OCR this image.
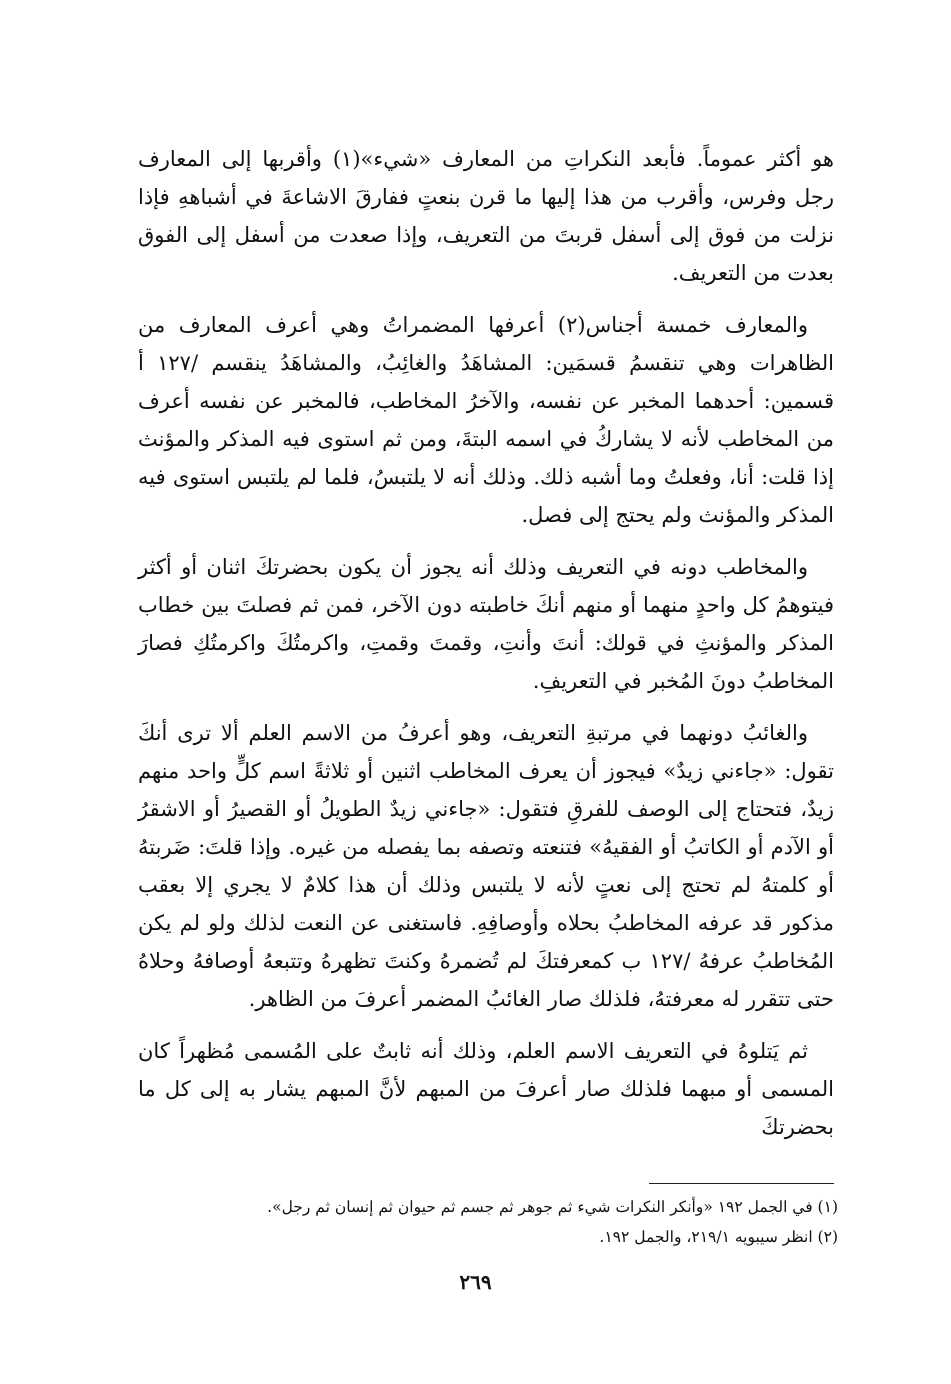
هو أكثر عموماً. فأبعد النكراتِ من المعارف «شيء»(١) وأقربها إلى المعارف رجل وفرس، وأقرب من هذا إليها ما قرن بنعتٍ ففارقَ الاشاعةَ في أشباههِ فإذا نزلت من فوق إلى أسفل قربتَ من التعريف، وإذا صعدت من أسفل إلى الفوق بعدت من التعريف.

والمعارف خمسة أجناس(٢) أعرفها المضمراتُ وهي أعرف المعارف من الظاهرات وهي تنقسمُ قسمَين: المشاهَدُ والغائِبُ، والمشاهَدُ ينقسم /١٢٧ أ قسمين: أحدهما المخبر عن نفسه، والآخرُ المخاطب، فالمخبر عن نفسه أعرف من المخاطب لأنه لا يشاركُ في اسمه البتةَ، ومن ثم استوى فيه المذكر والمؤنث إذا قلت: أنا، وفعلتُ وما أشبه ذلك. وذلك أنه لا يلتبسُ، فلما لم يلتبس استوى فيه المذكر والمؤنث ولم يحتج إلى فصل.

والمخاطب دونه في التعريف وذلك أنه يجوز أن يكون بحضرتكَ اثنان أو أكثر فيتوهمُ كل واحدٍ منهما أو منهم أنكَ خاطبته دون الآخر، فمن ثم فصلتَ بين خطاب المذكر والمؤنثِ في قولك: أنتَ وأنتِ، وقمتَ وقمتِ، واكرمتُكَ واكرمتُكِ فصارَ المخاطبُ دونَ المُخبر في التعريفِ.

والغائبُ دونهما في مرتبةِ التعريف، وهو أعرفُ من الاسم العلم ألا ترى أنكَ تقول: «جاءني زيدٌ» فيجوز أن يعرف المخاطب اثنين أو ثلاثةً اسم كلٍّ واحد منهم زيدٌ، فتحتاج إلى الوصف للفرقِ فتقول: «جاءني زيدٌ الطويلُ أو القصيرُ أو الاشقرُ أو الآدم أو الكاتبُ أو الفقيهُ» فتنعته وتصفه بما يفصله من غيره. وإذا قلتَ: ضَربتهُ أو كلمتهُ لم تحتج إلى نعتٍ لأنه لا يلتبس وذلك أن هذا كلامٌ لا يجري إلا بعقب مذكور قد عرفه المخاطبُ بحلاه وأوصافِهِ. فاستغنى عن النعت لذلك ولو لم يكن المُخاطبُ عرفهُ /١٢٧ ب كمعرفتكَ لم تُضمرهُ وكنتَ تظهرهُ وتتبعهُ أوصافهُ وحلاهُ حتى تتقرر له معرفتهُ، فلذلك صار الغائبُ المضمر أعرفَ من الظاهر.

ثم يَتلوهُ في التعريف الاسم العلم، وذلك أنه ثابتٌ على المُسمى مُظهراً كان المسمى أو مبهما فلذلك صار أعرفَ من المبهم لأنَّ المبهم يشار به إلى كل ما بحضرتكَ

(١) في الجمل ١٩٢ «وأنكر النكرات شيء ثم جوهر ثم جسم ثم حيوان ثم إنسان ثم رجل».
(٢) انظر سيبويه ٢١٩/١، والجمل ١٩٢.
٢٦٩
